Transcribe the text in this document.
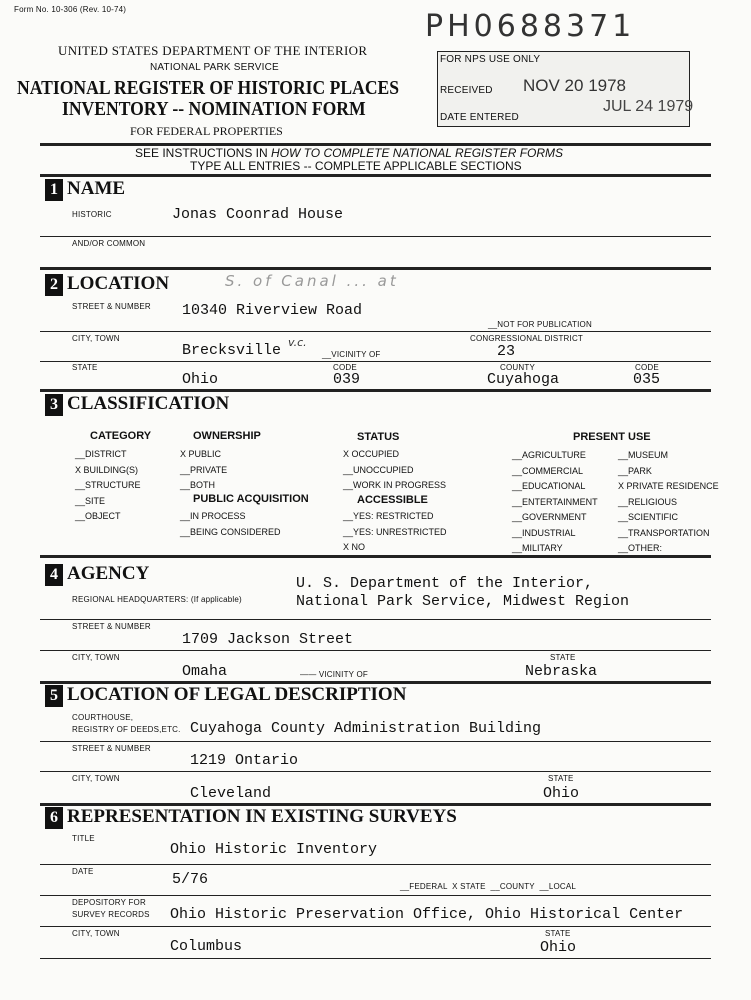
Form No. 10-306 (Rev. 10-74)	PH0688371
UNITED STATES DEPARTMENT OF THE INTERIOR
NATIONAL PARK SERVICE
NATIONAL REGISTER OF HISTORIC PLACES
INVENTORY -- NOMINATION FORM
FOR FEDERAL PROPERTIES
FOR NPS USE ONLY
RECEIVED NOV 20 1978
JUL 24 1979
DATE ENTERED
SEE INSTRUCTIONS IN HOW TO COMPLETE NATIONAL REGISTER FORMS
TYPE ALL ENTRIES -- COMPLETE APPLICABLE SECTIONS
1 NAME
HISTORIC	Jonas Coonrad House
AND/OR COMMON
2 LOCATION	S. of Canal ... at
STREET & NUMBER 10340 Riverview Road
__NOT FOR PUBLICATION
CITY, TOWN	CONGRESSIONAL DISTRICT
Brecksville v.c.
__VICINITY OF	23
STATE	CODE	COUNTY	CODE
Ohio	039	Cuyahoga	035
3 CLASSIFICATION
CATEGORY
__DISTRICT
X BUILDING(S)
__STRUCTURE
__SITE
__OBJECT
OWNERSHIP
X PUBLIC
__PRIVATE
__BOTH
PUBLIC ACQUISITION
__IN PROCESS
__BEING CONSIDERED
STATUS
X OCCUPIED
__UNOCCUPIED
__WORK IN PROGRESS
ACCESSIBLE
__YES: RESTRICTED
__YES: UNRESTRICTED
X NO
PRESENT USE
__AGRICULTURE
__COMMERCIAL
__EDUCATIONAL
__ENTERTAINMENT
__GOVERNMENT
__INDUSTRIAL
__MILITARY
__MUSEUM
__PARK
X PRIVATE RESIDENCE
__RELIGIOUS
__SCIENTIFIC
__TRANSPORTATION
__OTHER:
4 AGENCY
REGIONAL HEADQUARTERS: (If applicable)
U. S. Department of the Interior,
National Park Service, Midwest Region
STREET & NUMBER
1709 Jackson Street
CITY, TOWN	STATE
Omaha	—— VICINITY OF	Nebraska
5 LOCATION OF LEGAL DESCRIPTION
COURTHOUSE,
REGISTRY OF DEEDS,ETC. Cuyahoga County Administration Building
STREET & NUMBER
1219 Ontario
CITY, TOWN	STATE
Cleveland	Ohio
6 REPRESENTATION IN EXISTING SURVEYS
TITLE
Ohio Historic Inventory
DATE	5/76	__FEDERAL  X STATE  __COUNTY  __LOCAL
DEPOSITORY FOR
SURVEY RECORDS Ohio Historic Preservation Office, Ohio Historical Center
CITY, TOWN	STATE
Columbus	Ohio
